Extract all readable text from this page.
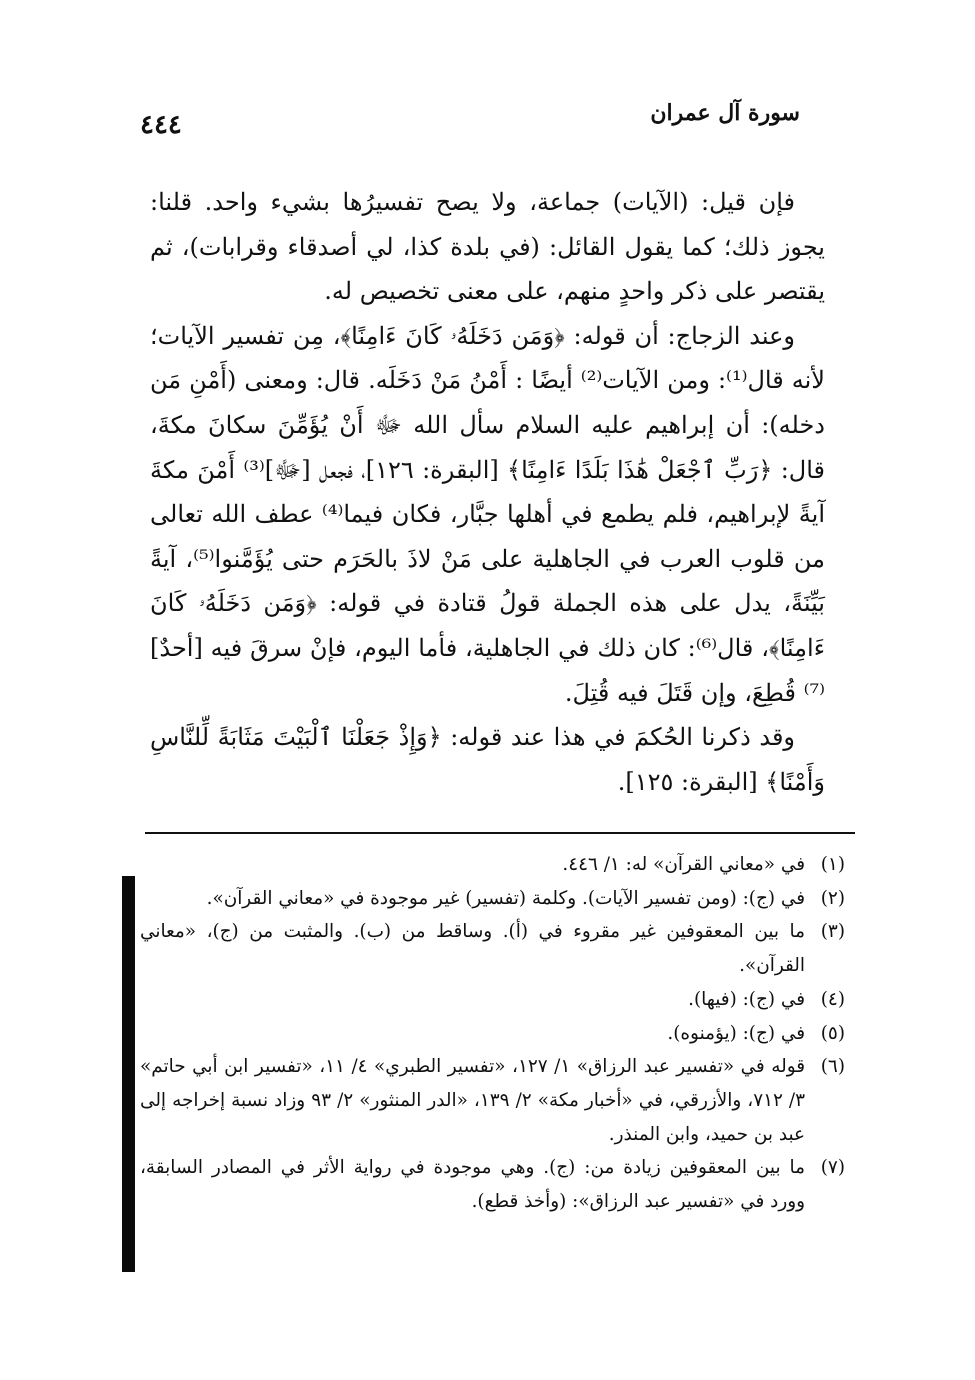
٤٤٤	سورة آل عمران

فإن قيل: (الآيات) جماعة، ولا يصح تفسيرُها بشيء واحد. قلنا: يجوز ذلك؛ كما يقول القائل: (في بلدة كذا، لي أصدقاء وقرابات)، ثم يقتصر على ذكر واحدٍ منهم، على معنى تخصيص له.

وعند الزجاج: أن قوله: ﴿وَمَن دَخَلَهُۥ كَانَ ءَامِنًا﴾، مِن تفسير الآيات؛ لأنه قال⁽¹⁾: ومن الآيات⁽²⁾ أيضًا : أَمْنُ مَنْ دَخَلَه. قال: ومعنى (أَمْنِ مَن دخله): أن إبراهيم عليه السلام سأل الله ﷻ أَنْ يُؤَمِّنَ سكانَ مكةَ، قال: ﴿رَبِّ ٱجْعَلْ هَٰذَا بَلَدًا ءَامِنًا﴾ [البقرة: ١٢٦]، فجعل [ﷻ]⁽³⁾ أَمْنَ مكةَ آيةً لإبراهيم، فلم يطمع في أهلها جبَّار، فكان فيما⁽⁴⁾ عطف الله تعالى من قلوب العرب في الجاهلية على مَنْ لاذَ بالحَرَم حتى يُؤَمَّنوا⁽⁵⁾، آيةً بَيِّنَةً، يدل على هذه الجملة قولُ قتادة في قوله: ﴿وَمَن دَخَلَهُۥ كَانَ ءَامِنًا﴾، قال⁽⁶⁾: كان ذلك في الجاهلية، فأما اليوم، فإنْ سرقَ فيه [أحدٌ]⁽⁷⁾ قُطِعَ، وإن قَتَلَ فيه قُتِلَ.

وقد ذكرنا الحُكمَ في هذا عند قوله: ﴿وَإِذْ جَعَلْنَا ٱلْبَيْتَ مَثَابَةً لِّلنَّاسِ وَأَمْنًا﴾ [البقرة: ١٢٥].

(١)
في «معاني القرآن» له: ١/ ٤٤٦.
(٢)
في (ج): (ومن تفسير الآيات). وكلمة (تفسير) غير موجودة في «معاني القرآن».
(٣)
ما بين المعقوفين غير مقروء في (أ). وساقط من (ب). والمثبت من (ج)، «معاني القرآن».
(٤)
في (ج): (فيها).
(٥)
في (ج): (يؤمنوه).
(٦)
قوله في «تفسير عبد الرزاق» ١/ ١٢٧، «تفسير الطبري» ٤/ ١١، «تفسير ابن أبي حاتم» ٣/ ٧١٢، والأزرقي، في «أخبار مكة» ٢/ ١٣٩، «الدر المنثور» ٢/ ٩٣ وزاد نسبة إخراجه إلى عبد بن حميد، وابن المنذر.
(٧)
ما بين المعقوفين زيادة من: (ج). وهي موجودة في رواية الأثر في المصادر السابقة، وورد في «تفسير عبد الرزاق»: (وأخذ قطع).
